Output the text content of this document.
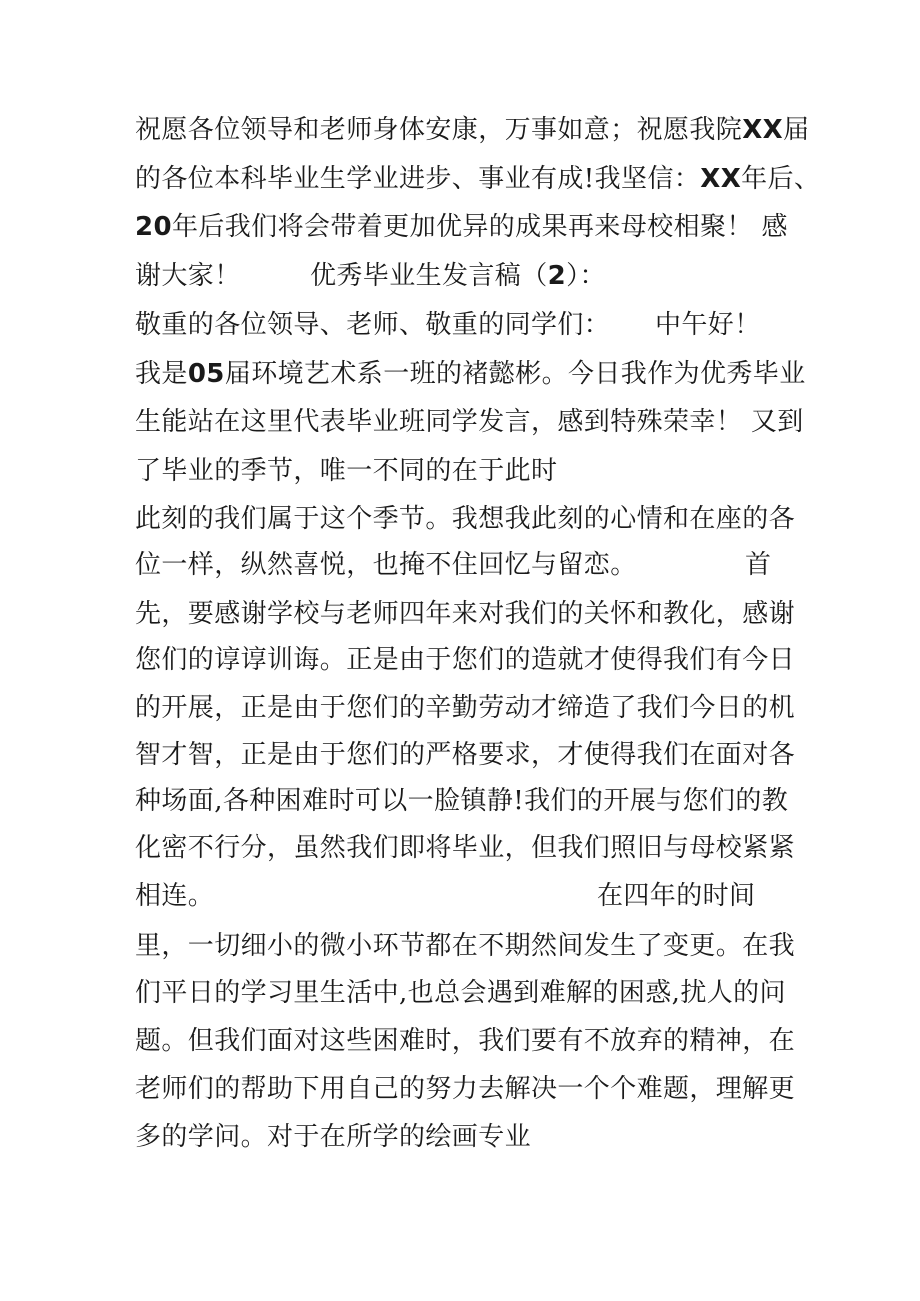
祝愿各位领导和老师身体安康，万事如意；祝愿我院XX届
的各位本科毕业生学业进步、事业有成!我坚信：XX年后、
20年后我们将会带着更加优异的成果再来母校相聚！ 感

谢大家！

	优秀毕业生发言稿（2）：

敬重的各位领导、老师、敬重的同学们：

中午好！

我是05届环境艺术系一班的褚懿彬。今日我作为优秀毕业
生能站在这里代表毕业班同学发言，感到特殊荣幸！ 又到
了毕业的季节，唯一不同的在于此时
此刻的我们属于这个季节。我想我此刻的心情和在座的各

位一样，纵然喜悦，也掩不住回忆与留恋。

	首

先，要感谢学校与老师四年来对我们的关怀和教化，感谢
您们的谆谆训诲。正是由于您们的造就才使得我们有今日
的开展，正是由于您们的辛勤劳动才缔造了我们今日的机
智才智，正是由于您们的严格要求，才使得我们在面对各
种场面,各种困难时可以一脸镇静!我们的开展与您们的教
化密不行分，虽然我们即将毕业，但我们照旧与母校紧紧

相连。

	在四年的时间

里，一切细小的微小环节都在不期然间发生了变更。在我
们平日的学习里生活中,也总会遇到难解的困惑,扰人的问
题。但我们面对这些困难时，我们要有不放弃的精神，在
老师们的帮助下用自己的努力去解决一个个难题，理解更
多的学问。对于在所学的绘画专业
